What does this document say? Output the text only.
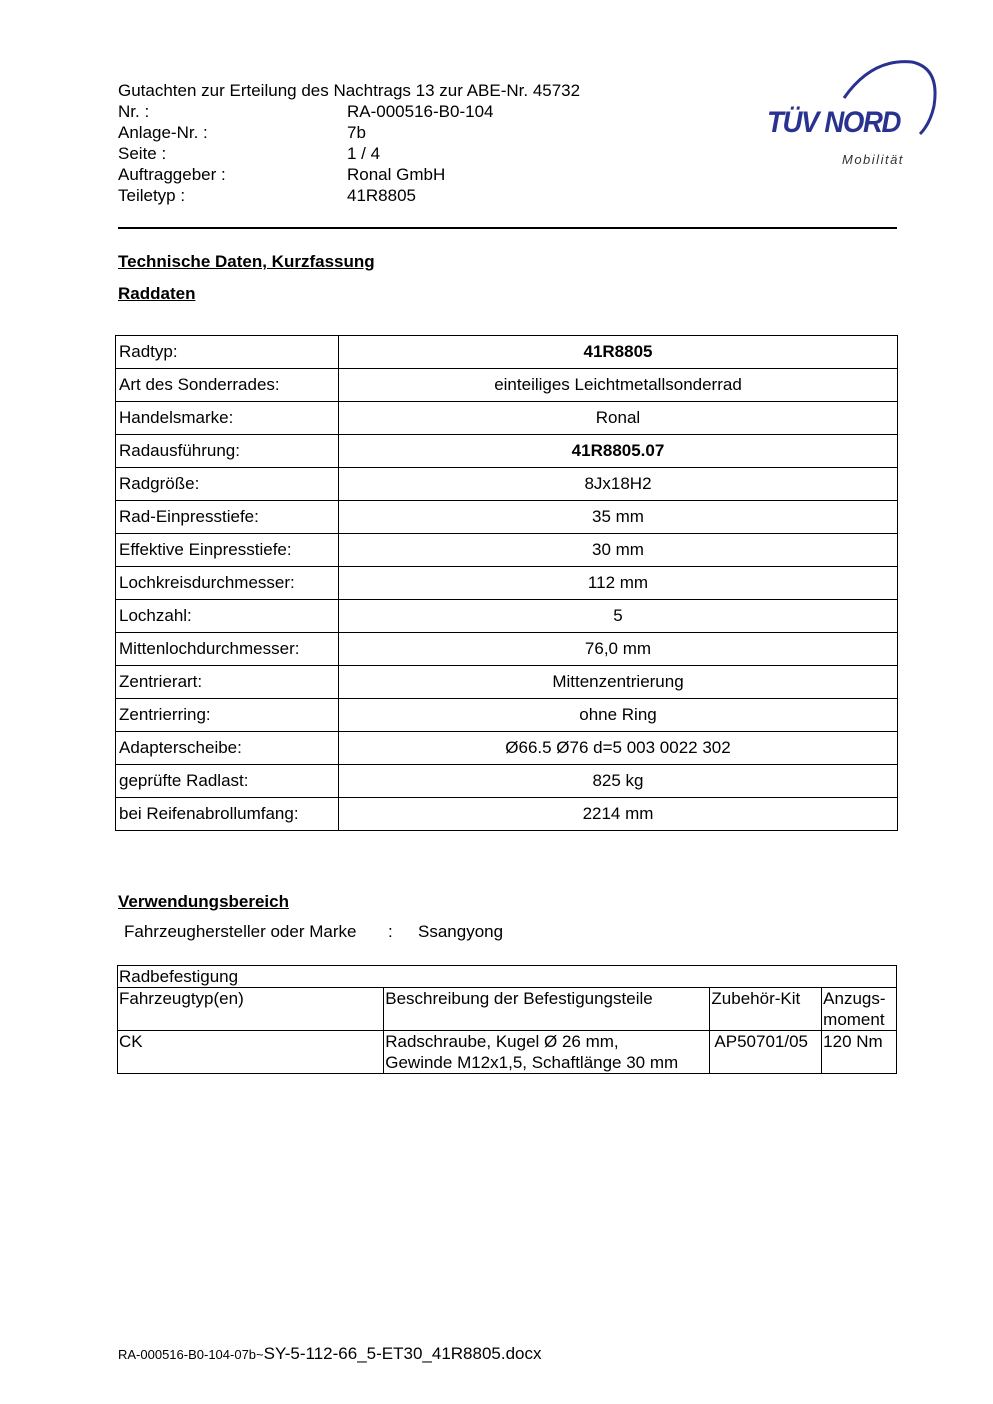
Gutachten zur Erteilung des Nachtrags 13 zur ABE-Nr. 45732
Nr. :	RA-000516-B0-104
Anlage-Nr. :	7b
Seite :	1 / 4
Auftraggeber :	Ronal GmbH
Teiletyp :	41R8805
TÜV NORD
Mobilität
Technische Daten, Kurzfassung
Raddaten
Radtyp:	41R8805
Art des Sonderrades:	einteiliges Leichtmetallsonderrad
Handelsmarke:	Ronal
Radausführung:	41R8805.07
Radgröße:	8Jx18H2
Rad-Einpresstiefe:	35 mm
Effektive Einpresstiefe:	30 mm
Lochkreisdurchmesser:	112 mm
Lochzahl:	5
Mittenlochdurchmesser:	76,0 mm
Zentrierart:	Mittenzentrierung
Zentrierring:	ohne Ring
Adapterscheibe:	Ø66.5 Ø76 d=5 003 0022 302
geprüfte Radlast:	825 kg
bei Reifenabrollumfang:	2214 mm
Verwendungsbereich
Fahrzeughersteller oder Marke	:	Ssangyong
Radbefestigung			
Fahrzeugtyp(en)	Beschreibung der Befestigungsteile	Zubehör-Kit	Anzugs-
moment
CK	Radschraube, Kugel Ø 26 mm,
Gewinde M12x1,5, Schaftlänge 30 mm	AP50701/05	120 Nm
RA-000516-B0-104-07b~SY-5-112-66_5-ET30_41R8805.docx
